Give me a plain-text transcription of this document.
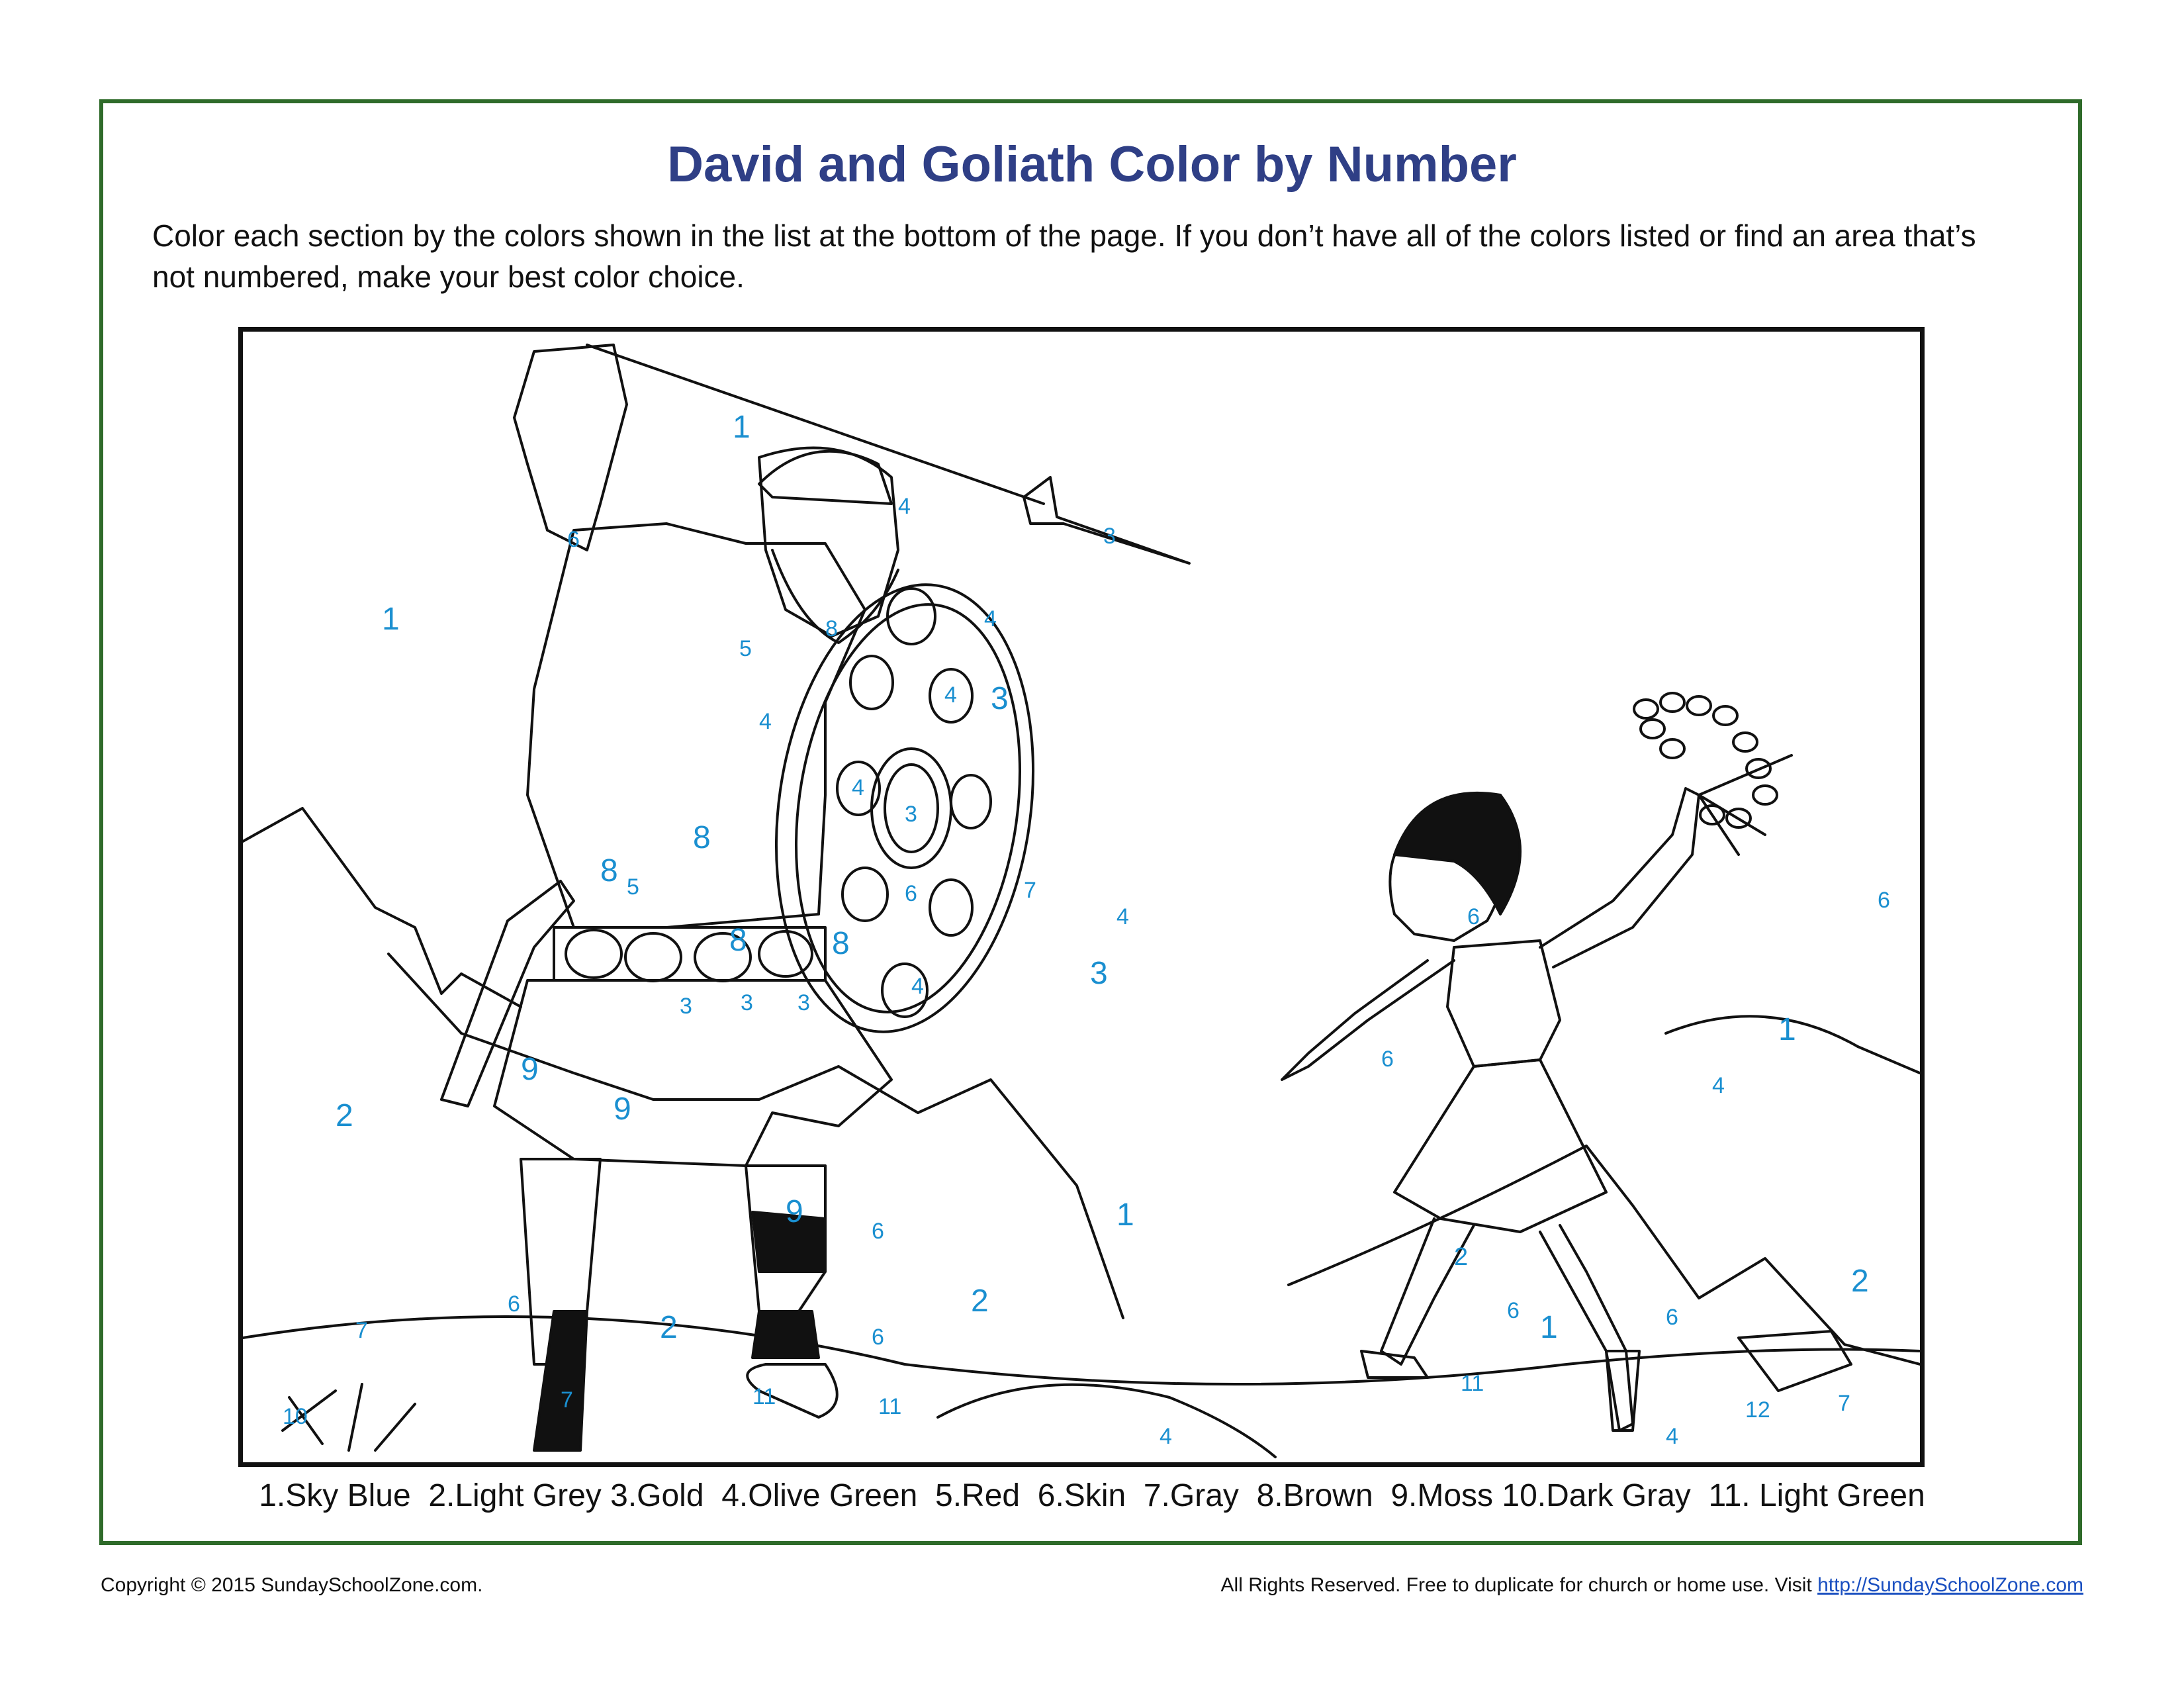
David and Goliath Color by Number
Color each section by the colors shown in the list at the bottom of the page. If you don’t have all of the colors listed or find an area that’s not numbered, make your best color choice.
1
1
1
1
1
2
2
2
2
2
3
3
3
3
3 3 3
4
4
4
4
4
4	4
4
4
4
5
5
6
6
6
6
6	6
6
6
6
6	7
7
7	7
8
8
8
8	8
9
9
9
10
11	11
11
12
1.Sky Blue  2.Light Grey 3.Gold  4.Olive Green  5.Red  6.Skin  7.Gray  8.Brown  9.Moss 10.Dark Gray  11. Light Green
Copyright © 2015 SundaySchoolZone.com.	All Rights Reserved. Free to duplicate for church or home use. Visit http://SundaySchoolZone.com
